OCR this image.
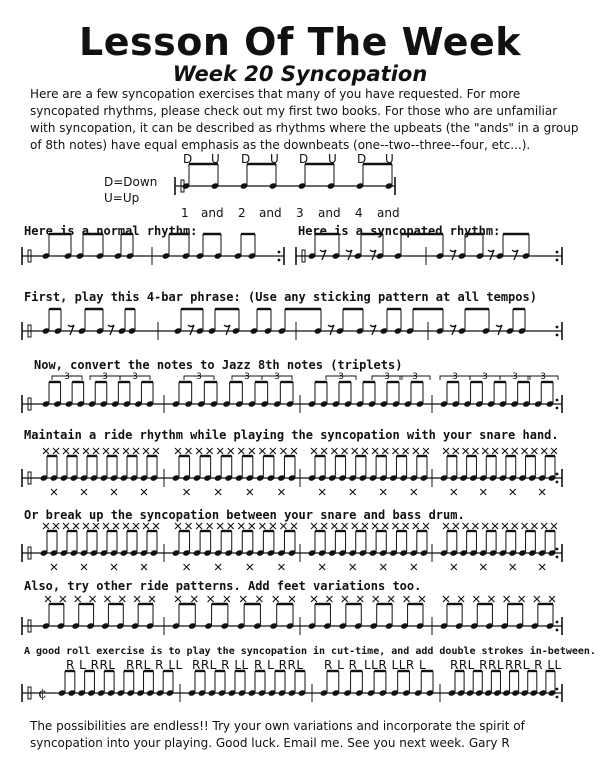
Lesson Of The Week
Week 20 Syncopation

Here are a few syncopation exercises that many of you have requested. For more syncopated rhythms, please check out my first two books. For those who are unfamiliar with syncopation, it can be described as rhythms where the upbeats (the "ands" in a group of 8th notes) have equal emphasis as the downbeats (one--two--three--four, etc...).

D=Down
U=Up
D U D U D U D U
1 and 2 and 3 and 4 and
Here is a normal rhythm:	Here is a syncopated rhythm:
First, play this 4-bar phrase: (Use any sticking pattern at all tempos)
Now, convert the notes to Jazz 8th notes (triplets)
Maintain a ride rhythm while playing the syncopation with your snare hand.
Or break up the syncopation between your snare and bass drum.
Also, try other ride patterns. Add feet variations too.
A good roll exercise is to play the syncopation in cut-time, and add double strokes in-between.
R L RRL RRL R LL RRL R LL R L RRL R L R LLR LLR L RRL RRL RRL R LL

The possibilities are endless!! Try your own variations and incorporate the spirit of syncopation into your playing. Good luck. Email me. See you next week. Gary R

3	3	3	3	3	3	3	3 3	3	3	3 3
¢
